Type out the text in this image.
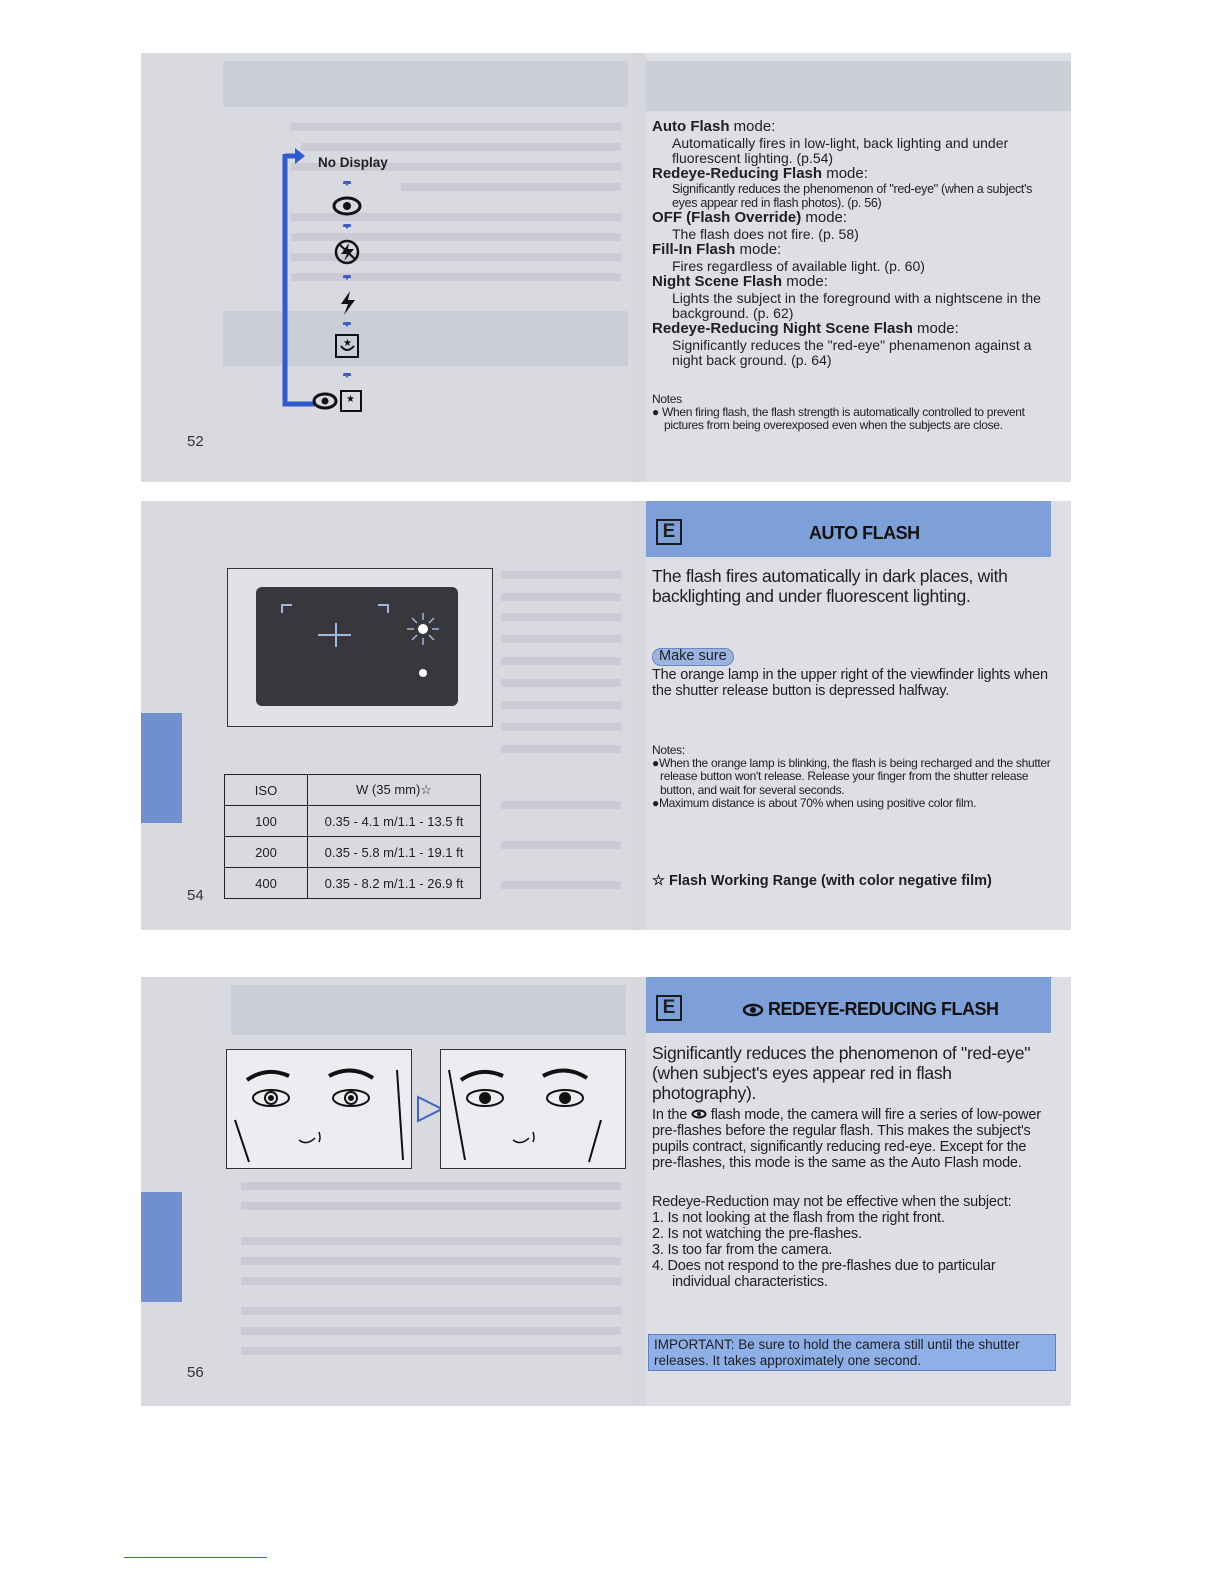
★
★
No Display
52
Auto Flash mode:
Automatically fires in low-light, back lighting and under fluorescent lighting. (p.54)
Redeye-Reducing Flash mode:
Significantly reduces the phenomenon of "red-eye" (when a subject's eyes appear red in flash photos). (p. 56)
OFF (Flash Override) mode:
The flash does not fire. (p. 58)
Fill-In Flash mode:
Fires regardless of available light. (p. 60)
Night Scene Flash mode:
Lights the subject in the foreground with a nightscene in the background. (p. 62)
Redeye-Reducing Night Scene Flash mode:
Significantly reduces the "red-eye" phenamenon against a night back ground. (p. 64)
Notes
● When firing flash, the flash strength is automatically controlled to prevent pictures from being overexposed even when the subjects are close.
ISO	W (35 mm)☆
100	0.35 - 4.1 m/1.1 - 13.5 ft
200	0.35 - 5.8 m/1.1 - 19.1 ft
400	0.35 - 8.2 m/1.1 - 26.9 ft
54
E	AUTO FLASH
The flash fires automatically in dark places, with backlighting and under fluorescent lighting.
Make sure
The orange lamp in the upper right of the viewfinder lights when the shutter release button is depressed halfway.
Notes:
●When the orange lamp is blinking, the flash is being recharged and the shutter release button won't release. Release your finger from the shutter release button, and wait for several seconds.
●Maximum distance is about 70% when using positive color film.
☆ Flash Working Range (with color negative film)
56
E	REDEYE-REDUCING FLASH
Significantly reduces the phenomenon of "red-eye" (when subject's eyes appear red in flash photography).
In the flash mode, the camera will fire a series of low-power pre-flashes before the regular flash. This makes the subject's pupils contract, significantly reducing red-eye. Except for the pre-flashes, this mode is the same as the Auto Flash mode.
Redeye-Reduction may not be effective when the subject:
1. Is not looking at the flash from the right front.
2. Is not watching the pre-flashes.
3. Is too far from the camera.
4. Does not respond to the pre-flashes due to particular individual characteristics.
IMPORTANT: Be sure to hold the camera still until the shutter releases. It takes approximately one second.
